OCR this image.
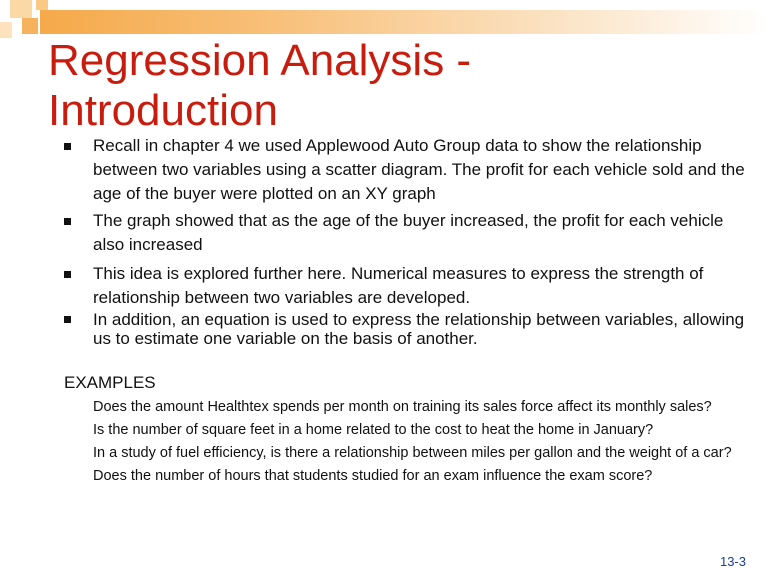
Regression Analysis -
Introduction
Recall in chapter 4 we used Applewood Auto Group data to show the relationship between two variables using a scatter diagram. The profit for each vehicle sold and the age of the buyer were plotted on an XY graph
The graph showed that as the age of the buyer increased, the profit for each vehicle also increased
This idea is explored further here. Numerical measures to express the strength of relationship between two variables are developed.
In addition, an equation is used to express the relationship between variables, allowing us to estimate one variable on the basis of another.
EXAMPLES
Does the amount Healthtex spends per month on training its sales force affect its monthly sales?
Is the number of square feet in a home related to the cost to heat the home in January?
In a study of fuel efficiency, is there a relationship between miles per gallon and the weight of a car?
Does the number of hours that students studied for an exam influence the exam score?
13-3
